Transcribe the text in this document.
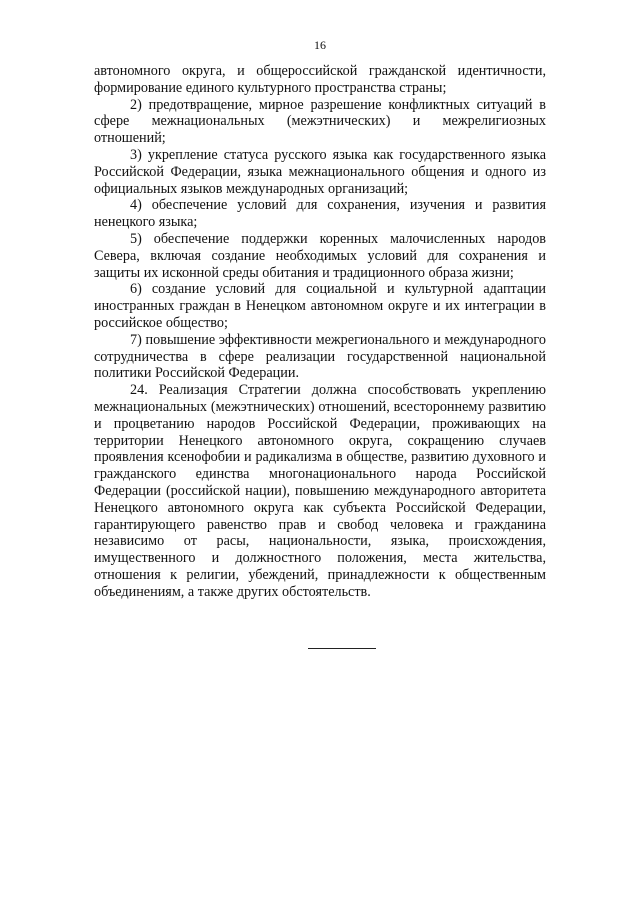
16

автономного округа, и общероссийской гражданской идентичности, формирование единого культурного пространства страны;

2) предотвращение, мирное разрешение конфликтных ситуаций в сфере межнациональных (межэтнических) и межрелигиозных отношений;

3) укрепление статуса русского языка как государственного языка Российской Федерации, языка межнационального общения и одного из официальных языков международных организаций;

4) обеспечение условий для сохранения, изучения и развития ненецкого языка;

5) обеспечение поддержки коренных малочисленных народов Севера, включая создание необходимых условий для сохранения и защиты их исконной среды обитания и традиционного образа жизни;

6) создание условий для социальной и культурной адаптации иностранных граждан в Ненецком автономном округе и их интеграции в российское общество;

7) повышение эффективности межрегионального и международного сотрудничества в сфере реализации государственной национальной политики Российской Федерации.

24. Реализация Стратегии должна способствовать укреплению межнациональных (межэтнических) отношений, всестороннему развитию и процветанию народов Российской Федерации, проживающих на территории Ненецкого автономного округа, сокращению случаев проявления ксенофобии и радикализма в обществе, развитию духовного и гражданского единства многонационального народа Российской Федерации (российской нации), повышению международного авторитета Ненецкого автономного округа как субъекта Российской Федерации, гарантирующего равенство прав и свобод человека и гражданина независимо от расы, национальности, языка, происхождения, имущественного и должностного положения, места жительства, отношения к религии, убеждений, принадлежности к общественным объединениям, а также других обстоятельств.
